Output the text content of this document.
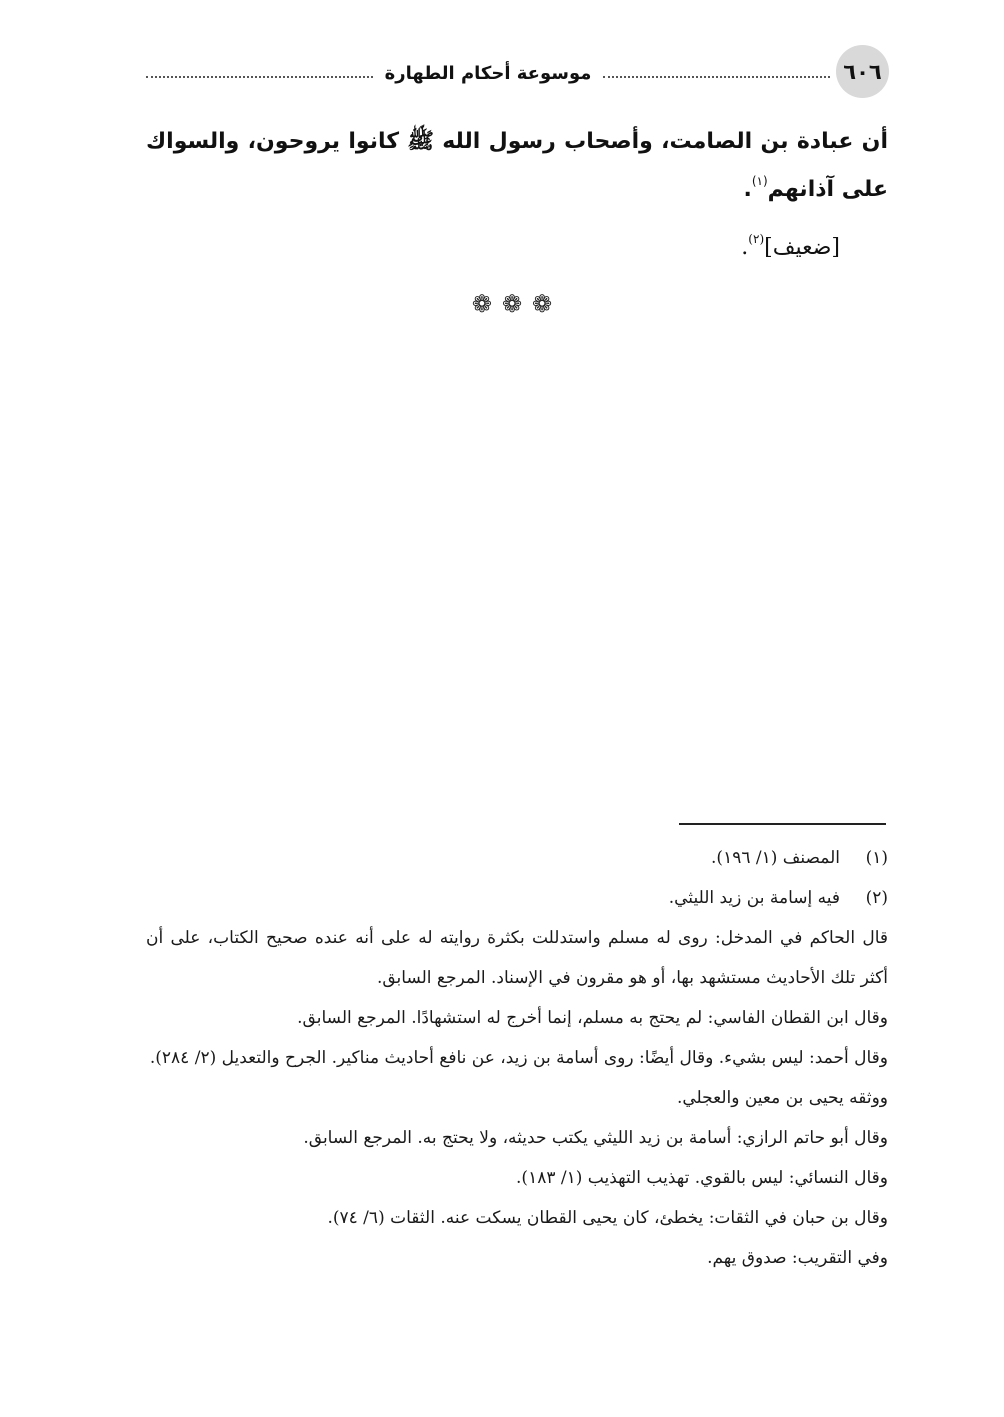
٦٠٦
موسوعة أحكام الطهارة
أن عبادة بن الصامت، وأصحاب رسول الله ﷺ كانوا يروحون، والسواك على آذانهم$^{(١)}$.
[ضعيف]$^{(٢)}$.
❁❁❁
(١)
المصنف (١/ ١٩٦).
(٢)
فيه إسامة بن زيد الليثي.
قال الحاكم في المدخل: روى له مسلم واستدللت بكثرة روايته له على أنه عنده صحيح الكتاب، على أن أكثر تلك الأحاديث مستشهد بها، أو هو مقرون في الإسناد. المرجع السابق.
وقال ابن القطان الفاسي: لم يحتج به مسلم، إنما أخرج له استشهادًا. المرجع السابق.
وقال أحمد: ليس بشيء. وقال أيضًا: روى أسامة بن زيد، عن نافع أحاديث مناكير. الجرح والتعديل (٢/ ٢٨٤).
ووثقه يحيى بن معين والعجلي.
وقال أبو حاتم الرازي: أسامة بن زيد الليثي يكتب حديثه، ولا يحتج به. المرجع السابق.
وقال النسائي: ليس بالقوي. تهذيب التهذيب (١/ ١٨٣).
وقال بن حبان في الثقات: يخطئ، كان يحيى القطان يسكت عنه. الثقات (٦/ ٧٤).
وفي التقريب: صدوق يهم.
